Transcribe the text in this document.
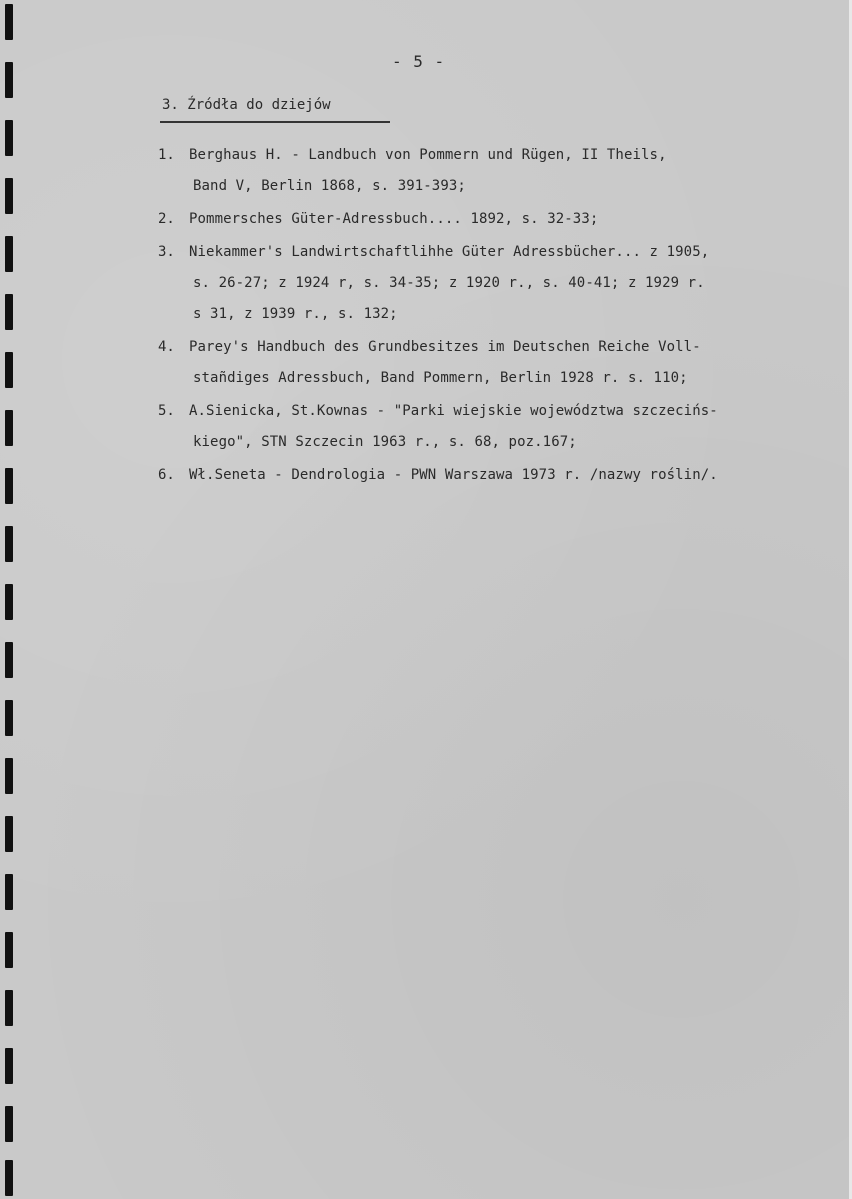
- 5 -
3. Źródła do dziejów
1.	Berghaus H. - Landbuch von Pommern und Rügen, II Theils,
Band V, Berlin 1868, s. 391-393;
2.	Pommersches Güter-Adressbuch.... 1892, s. 32-33;
3.	Niekammer's Landwirtschaftlihhe Güter Adressbücher... z 1905,
s. 26-27; z 1924 r, s. 34-35; z 1920 r., s. 40-41; z 1929 r.
s 31, z 1939 r., s. 132;
4.	Parey's Handbuch des Grundbesitzes im Deutschen Reiche Voll-
stañdiges Adressbuch, Band Pommern, Berlin 1928 r. s. 110;
5.	A.Sienicka, St.Kownas - "Parki wiejskie województwa szczecińs-
kiego", STN Szczecin 1963 r., s. 68, poz.167;
6.	Wł.Seneta - Dendrologia - PWN Warszawa 1973 r. /nazwy roślin/.
